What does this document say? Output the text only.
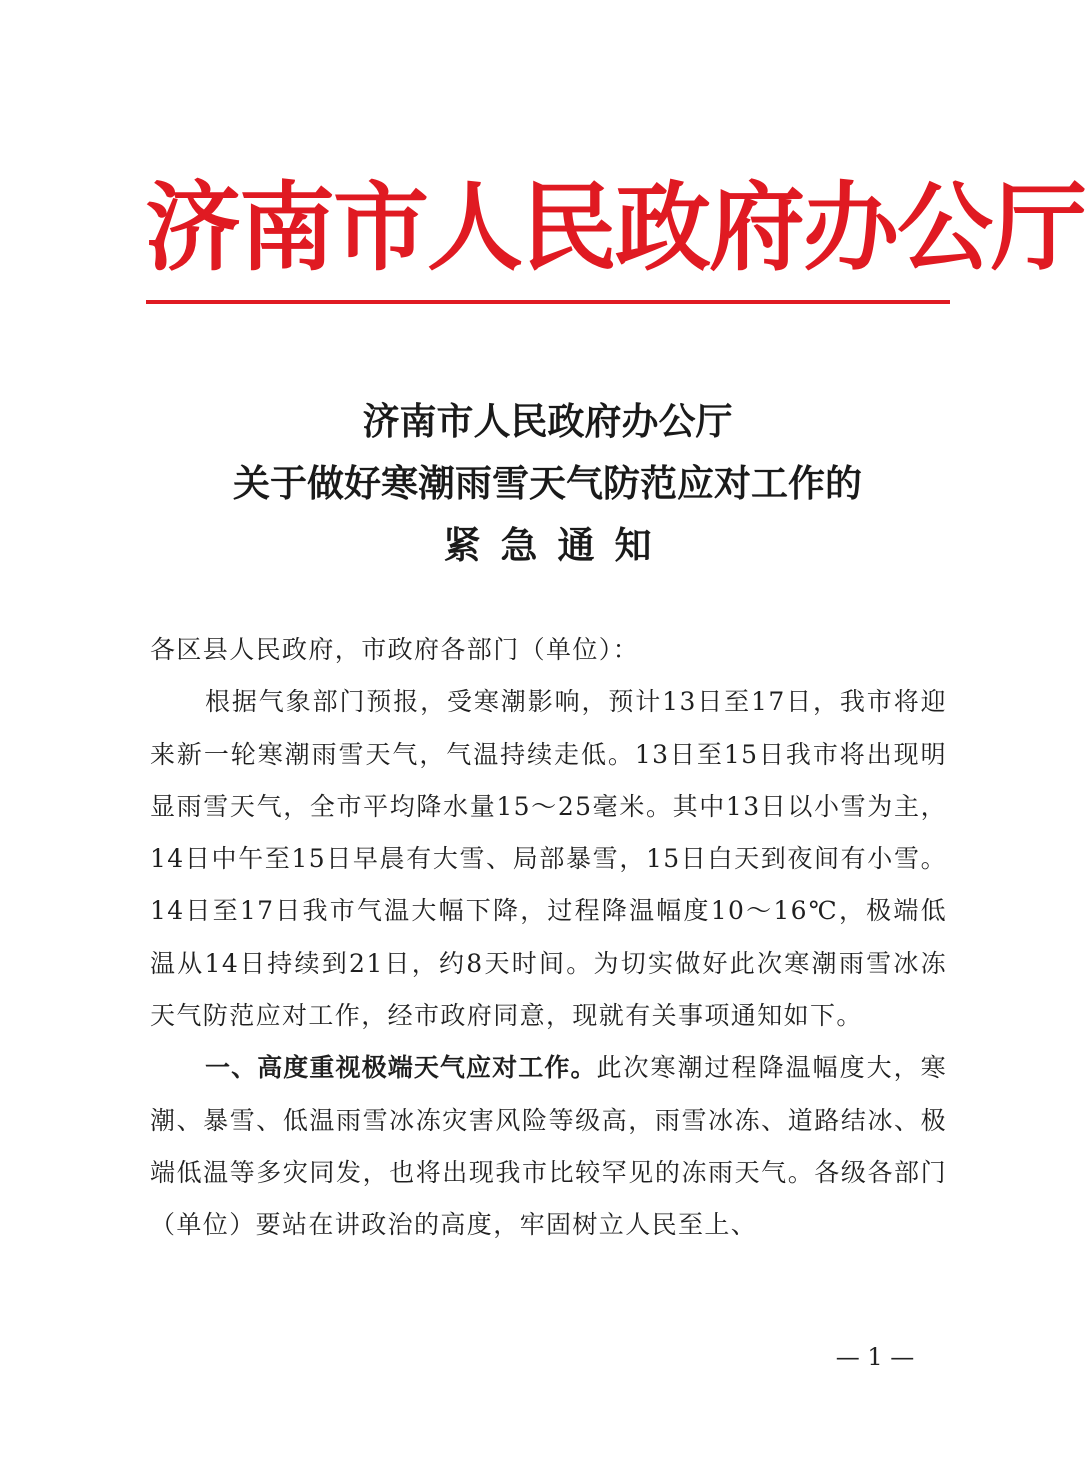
济南市人民政府办公厅
济南市人民政府办公厅
关于做好寒潮雨雪天气防范应对工作的
紧急通知

各区县人民政府，市政府各部门（单位）：

根据气象部门预报，受寒潮影响，预计13日至17日，我市将迎来新一轮寒潮雨雪天气，气温持续走低。13日至15日我市将出现明显雨雪天气，全市平均降水量15～25毫米。其中13日以小雪为主，14日中午至15日早晨有大雪、局部暴雪，15日白天到夜间有小雪。14日至17日我市气温大幅下降，过程降温幅度10～16℃，极端低温从14日持续到21日，约8天时间。为切实做好此次寒潮雨雪冰冻天气防范应对工作，经市政府同意，现就有关事项通知如下。

一、高度重视极端天气应对工作。此次寒潮过程降温幅度大，寒潮、暴雪、低温雨雪冰冻灾害风险等级高，雨雪冰冻、道路结冰、极端低温等多灾同发，也将出现我市比较罕见的冻雨天气。各级各部门（单位）要站在讲政治的高度，牢固树立人民至上、

— 1 —
